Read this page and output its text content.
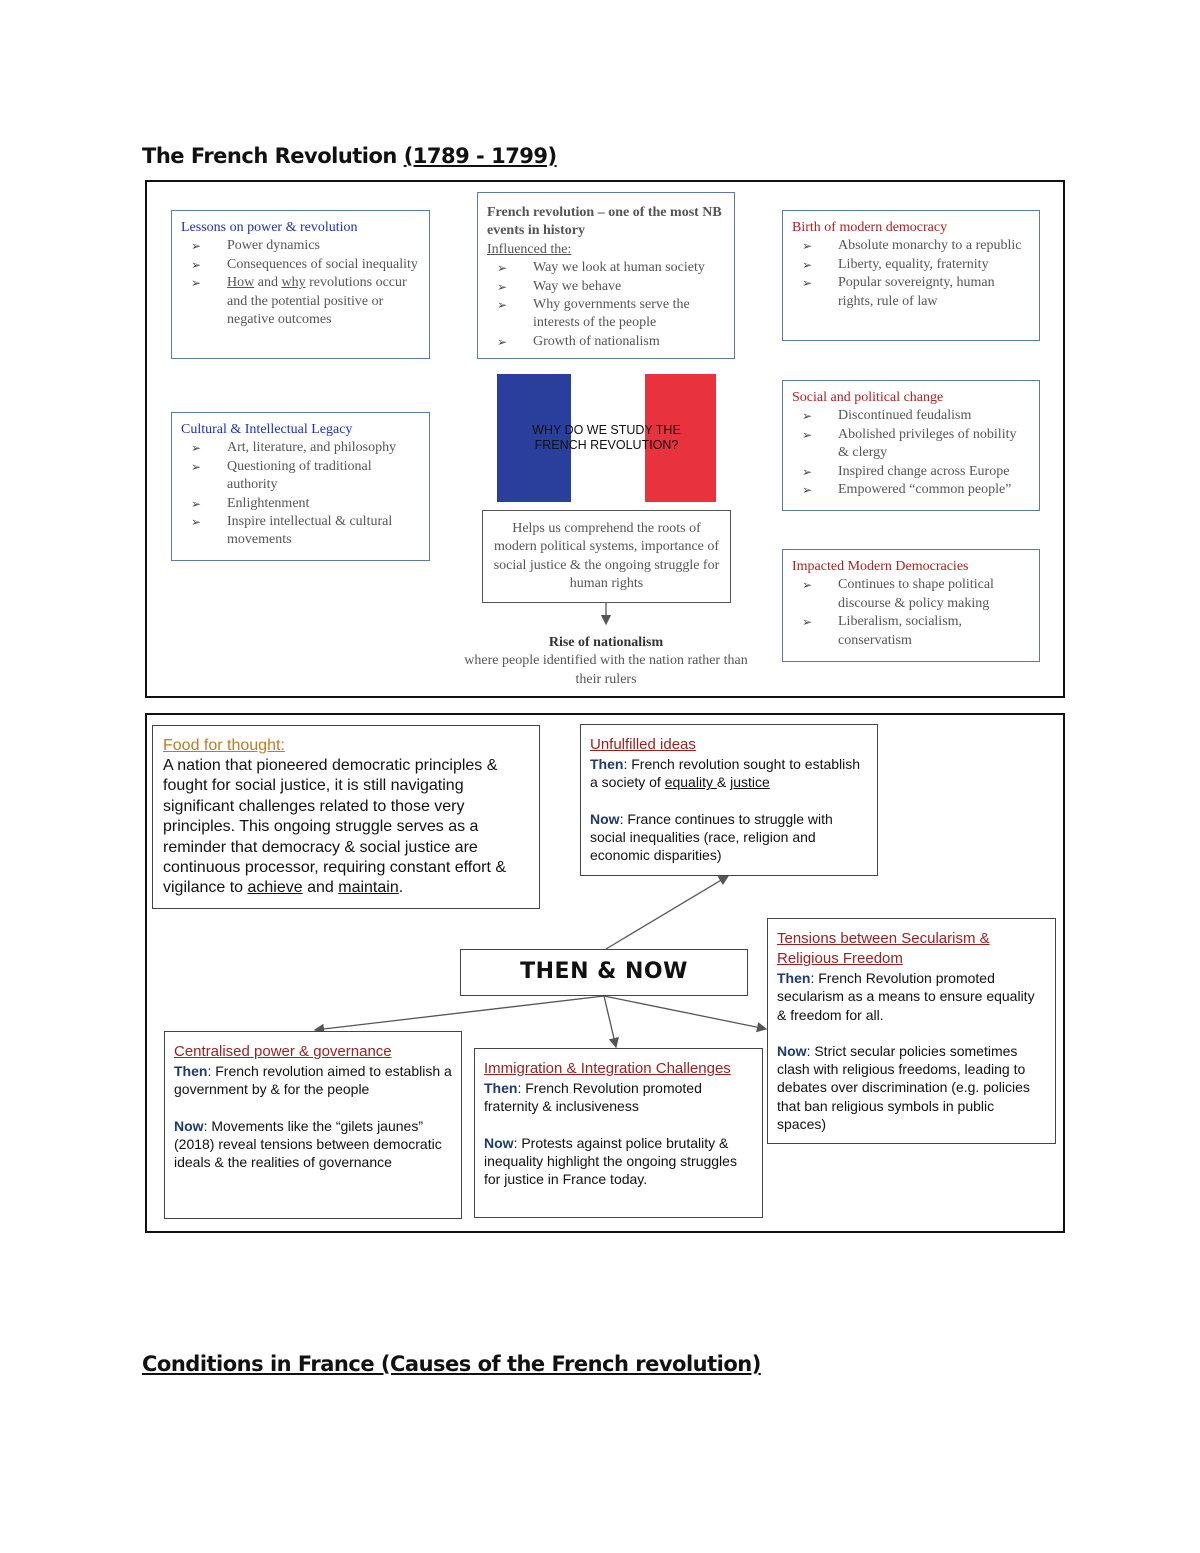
The French Revolution (1789 - 1799)
Lessons on power & revolution
➢ Power dynamics
➢ Consequences of social inequality
➢ How and why revolutions occur and the potential positive or negative outcomes
French revolution – one of the most NB events in history
Influenced the:
➢ Way we look at human society
➢ Way we behave
➢ Why governments serve the interests of the people
➢ Growth of nationalism
Birth of modern democracy
➢ Absolute monarchy to a republic
➢ Liberty, equality, fraternity
➢ Popular sovereignty, human rights, rule of law
Cultural & Intellectual Legacy
➢ Art, literature, and philosophy
➢ Questioning of traditional authority
➢ Enlightenment
➢ Inspire intellectual & cultural movements
WHY DO WE STUDY THE
FRENCH REVOLUTION?
Social and political change
➢ Discontinued feudalism
➢ Abolished privileges of nobility & clergy
➢ Inspired change across Europe
➢ Empowered “common people”
Helps us comprehend the roots of modern political systems, importance of social justice & the ongoing struggle for human rights
Rise of nationalism
where people identified with the nation rather than their rulers
Impacted Modern Democracies
➢ Continues to shape political discourse & policy making
➢ Liberalism, socialism, conservatism
Food for thought:
A nation that pioneered democratic principles & fought for social justice, it is still navigating significant challenges related to those very principles. This ongoing struggle serves as a reminder that democracy & social justice are continuous processor, requiring constant effort & vigilance to achieve and maintain.
Unfulfilled ideas
Then: French revolution sought to establish a society of equality & justice
Now: France continues to struggle with social inequalities (race, religion and economic disparities)
Tensions between Secularism & Religious Freedom
Then: French Revolution promoted secularism as a means to ensure equality & freedom for all.
Now: Strict secular policies sometimes clash with religious freedoms, leading to debates over discrimination (e.g. policies that ban religious symbols in public spaces)
THEN & NOW
Centralised power & governance
Then: French revolution aimed to establish a government by & for the people
Now: Movements like the “gilets jaunes” (2018) reveal tensions between democratic ideals & the realities of governance
Immigration & Integration Challenges
Then: French Revolution promoted fraternity & inclusiveness
Now: Protests against police brutality & inequality highlight the ongoing struggles for justice in France today.
Conditions in France (Causes of the French revolution)
